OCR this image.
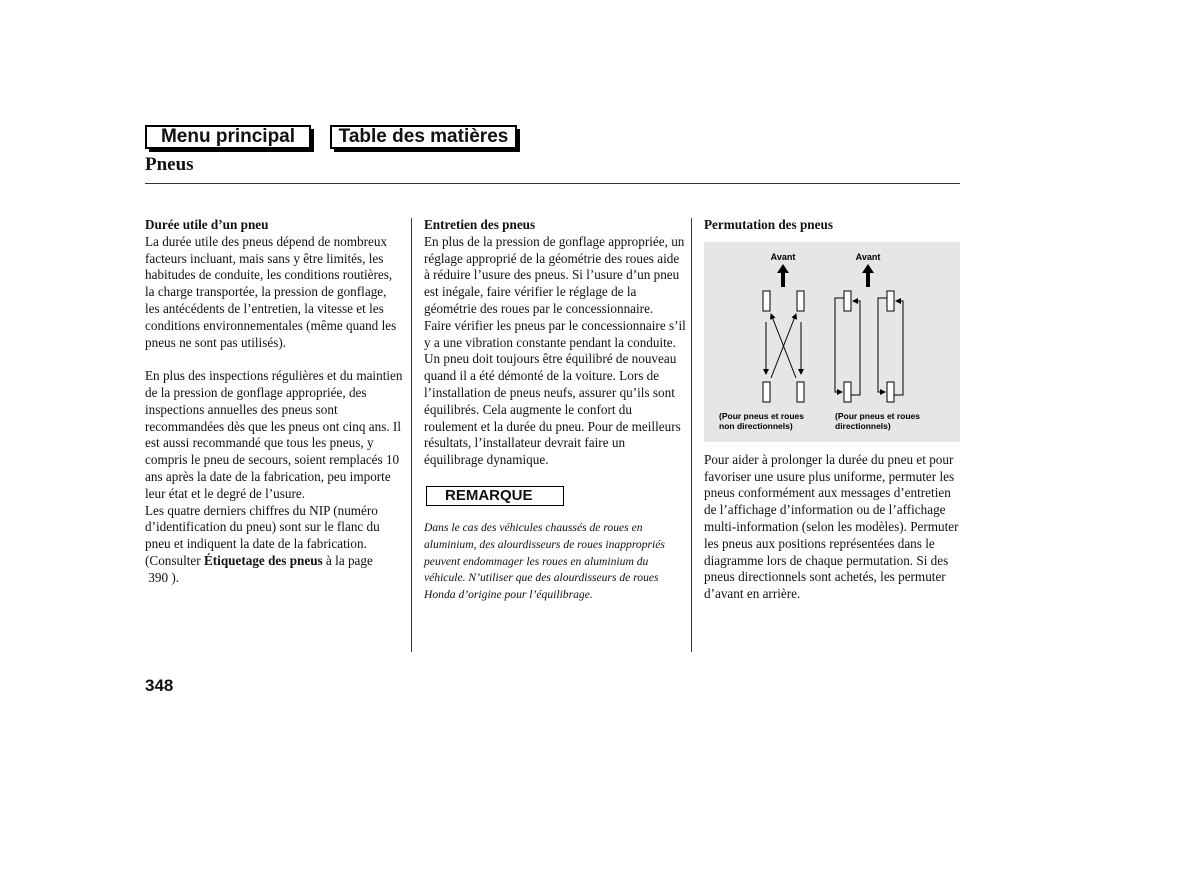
Menu principal	Table des matières
Pneus

Durée utile d’un pneu

La durée utile des pneus dépend de nombreux facteurs incluant, mais sans y être limités, les habitudes de conduite, les conditions routières, la charge transportée, la pression de gonflage, les antécédents de l’entretien, la vitesse et les conditions environnementales (même quand les pneus ne sont pas utilisés).

En plus des inspections régulières et du maintien de la pression de gonflage appropriée, des inspections annuelles des pneus sont recommandées dès que les pneus ont cinq ans. Il est aussi recommandé que tous les pneus, y compris le pneu de secours, soient remplacés 10 ans après la date de la fabrication, peu importe leur état et le degré de l’usure.

Les quatre derniers chiffres du NIP (numéro d’identification du pneu) sont sur le flanc du pneu et indiquent la date de la fabrication. (Consulter Étiquetage des pneus à la page
390 ).

Entretien des pneus

En plus de la pression de gonflage appropriée, un réglage approprié de la géométrie des roues aide à réduire l’usure des pneus. Si l’usure d’un pneu est inégale, faire vérifier le réglage de la géométrie des roues par le concessionnaire.

Faire vérifier les pneus par le concessionnaire s’il y a une vibration constante pendant la conduite. Un pneu doit toujours être équilibré de nouveau quand il a été démonté de la voiture. Lors de l’installation de pneus neufs, assurer qu’ils sont équilibrés. Cela augmente le confort du roulement et la durée du pneu. Pour de meilleurs résultats, l’installateur devrait faire un équilibrage dynamique.

REMARQUE

Dans le cas des véhicules chaussés de roues en aluminium, des alourdisseurs de roues inappropriés peuvent endommager les roues en aluminium du véhicule. N’utiliser que des alourdisseurs de roues Honda d’origine pour l’équilibrage.

Permutation des pneus

Avant	Avant
(Pour pneus et roues
non directionnels)
(Pour pneus et roues
directionnels)

Pour aider à prolonger la durée du pneu et pour favoriser une usure plus uniforme, permuter les pneus conformément aux messages d’entretien de l’affichage d’information ou de l’affichage multi-information (selon les modèles). Permuter les pneus aux positions représentées dans le diagramme lors de chaque permutation. Si des pneus directionnels sont achetés, les permuter d’avant en arrière.

348
